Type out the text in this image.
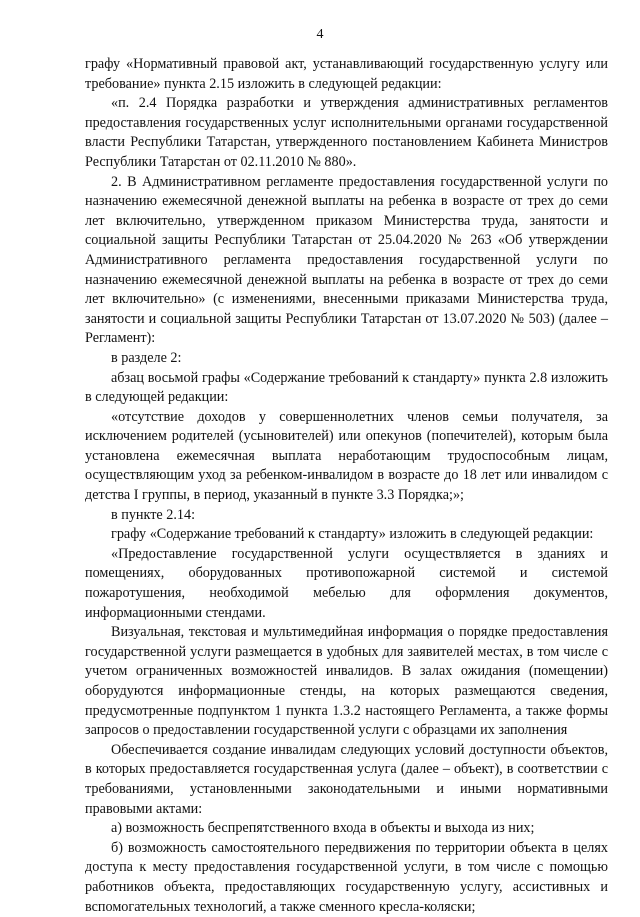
4

графу «Нормативный правовой акт, устанавливающий государственную услугу или требование» пункта 2.15 изложить в следующей редакции:

«п. 2.4 Порядка разработки и утверждения административных регламентов предоставления государственных услуг исполнительными органами государственной власти Республики Татарстан, утвержденного постановлением Кабинета Министров Республики Татарстан от 02.11.2010 № 880».

2. В Административном регламенте предоставления государственной услуги по назначению ежемесячной денежной выплаты на ребенка в возрасте от трех до семи лет включительно, утвержденном приказом Министерства труда, занятости и социальной защиты Республики Татарстан от 25.04.2020 № 263 «Об утверждении Административного регламента предоставления государственной услуги по назначению ежемесячной денежной выплаты на ребенка в возрасте от трех до семи лет включительно» (с изменениями, внесенными приказами Министерства труда, занятости и социальной защиты Республики Татарстан от 13.07.2020 № 503) (далее – Регламент):

в разделе 2:

абзац восьмой графы «Содержание требований к стандарту» пункта 2.8 изложить в следующей редакции:

«отсутствие доходов у совершеннолетних членов семьи получателя, за исключением родителей (усыновителей) или опекунов (попечителей), которым была установлена ежемесячная выплата неработающим трудоспособным лицам, осуществляющим уход за ребенком-инвалидом в возрасте до 18 лет или инвалидом с детства I группы, в период, указанный в пункте 3.3 Порядка;»;

в пункте 2.14:

графу «Содержание требований к стандарту» изложить в следующей редакции:

«Предоставление государственной услуги осуществляется в зданиях и помещениях, оборудованных противопожарной системой и системой пожаротушения, необходимой мебелью для оформления документов, информационными стендами.

Визуальная, текстовая и мультимедийная информация о порядке предоставления государственной услуги размещается в удобных для заявителей местах, в том числе с учетом ограниченных возможностей инвалидов. В залах ожидания (помещении) оборудуются информационные стенды, на которых размещаются сведения, предусмотренные подпунктом 1 пункта 1.3.2 настоящего Регламента, а также формы запросов о предоставлении государственной услуги с образцами их заполнения

Обеспечивается создание инвалидам следующих условий доступности объектов, в которых предоставляется государственная услуга (далее – объект), в соответствии с требованиями, установленными законодательными и иными нормативными правовыми актами:

а) возможность беспрепятственного входа в объекты и выхода из них;

б) возможность самостоятельного передвижения по территории объекта в целях доступа к месту предоставления государственной услуги, в том числе с помощью работников объекта, предоставляющих государственную услугу, ассистивных и вспомогательных технологий, а также сменного кресла-коляски;
